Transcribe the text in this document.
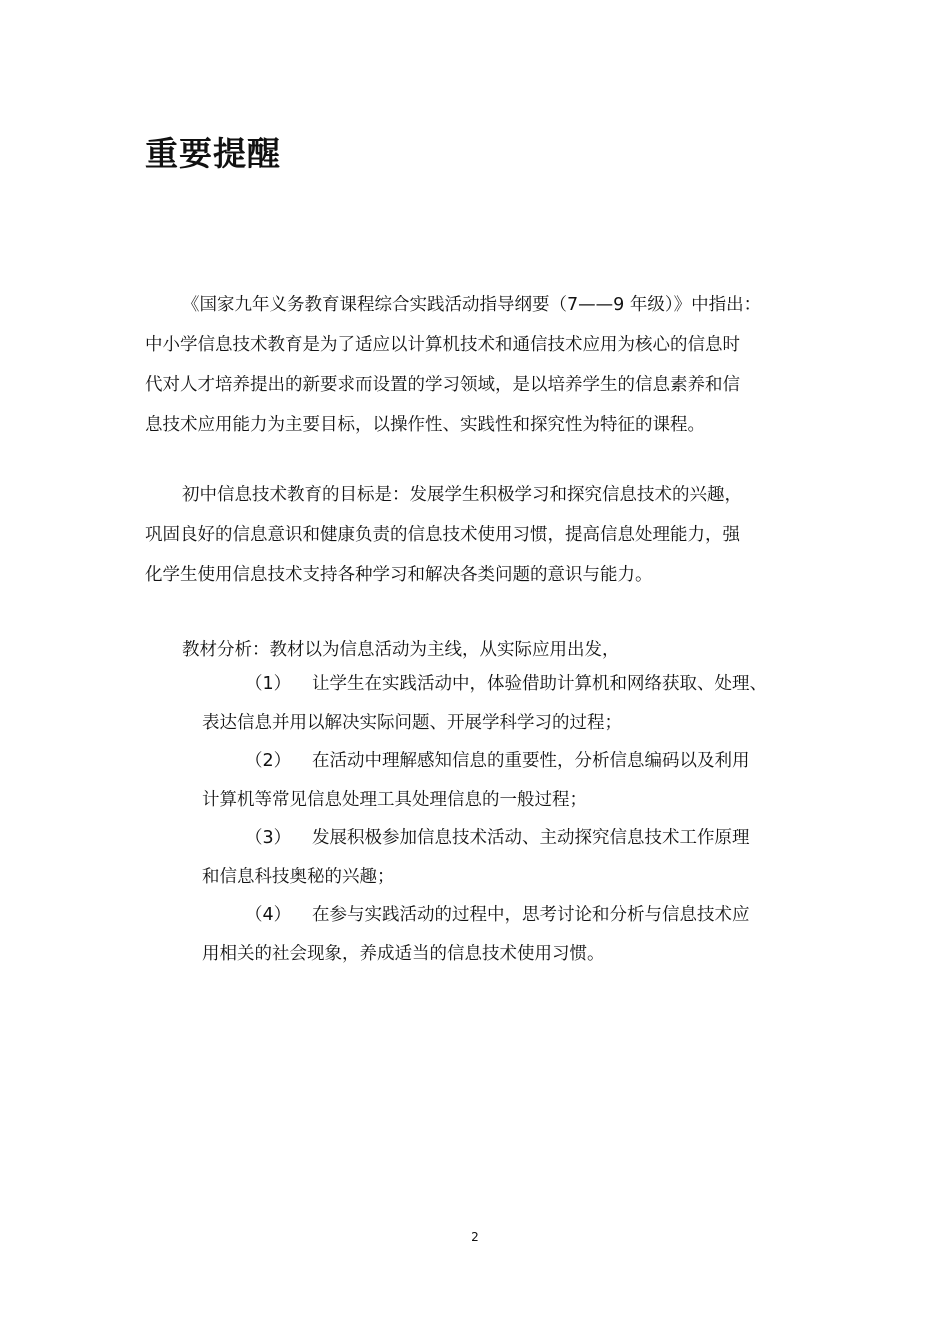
重要提醒

《国家九年义务教育课程综合实践活动指导纲要（7——9 年级）》中指出：
中小学信息技术教育是为了适应以计算机技术和通信技术应用为核心的信息时
代对人才培养提出的新要求而设置的学习领域，是以培养学生的信息素养和信
息技术应用能力为主要目标，以操作性、实践性和探究性为特征的课程。

初中信息技术教育的目标是：发展学生积极学习和探究信息技术的兴趣，
巩固良好的信息意识和健康负责的信息技术使用习惯，提高信息处理能力，强
化学生使用信息技术支持各种学习和解决各类问题的意识与能力。

教材分析：教材以为信息活动为主线，从实际应用出发，

（1） 让学生在实践活动中，体验借助计算机和网络获取、处理、
表达信息并用以解决实际问题、开展学科学习的过程；
（2） 在活动中理解感知信息的重要性，分析信息编码以及利用
计算机等常见信息处理工具处理信息的一般过程；
（3） 发展积极参加信息技术活动、主动探究信息技术工作原理
和信息科技奥秘的兴趣；
（4） 在参与实践活动的过程中，思考讨论和分析与信息技术应
用相关的社会现象，养成适当的信息技术使用习惯。
2
